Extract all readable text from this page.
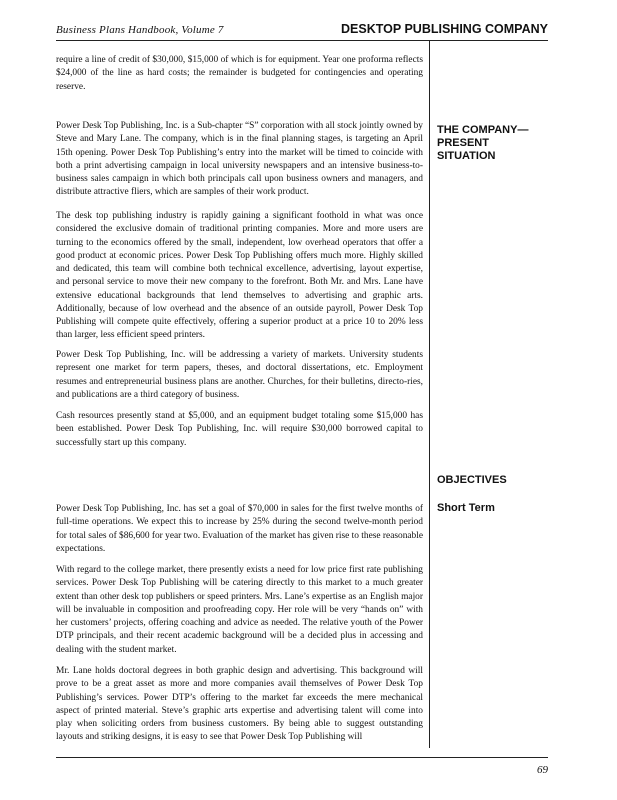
Business Plans Handbook, Volume 7	DESKTOP PUBLISHING COMPANY

require a line of credit of $30,000, $15,000 of which is for equipment. Year one proforma reflects $24,000 of the line as hard costs; the remainder is budgeted for contingencies and operating reserve.

Power Desk Top Publishing, Inc. is a Sub-chapter “S” corporation with all stock jointly owned by Steve and Mary Lane. The company, which is in the final planning stages, is targeting an April 15th opening. Power Desk Top Publishing’s entry into the market will be timed to coincide with both a print advertising campaign in local university newspapers and an intensive business-to-business sales campaign in which both principals call upon business owners and managers, and distribute attractive fliers, which are samples of their work product.

The desk top publishing industry is rapidly gaining a significant foothold in what was once considered the exclusive domain of traditional printing companies. More and more users are turning to the economics offered by the small, independent, low overhead operators that offer a good product at economic prices. Power Desk Top Publishing offers much more. Highly skilled and dedicated, this team will combine both technical excellence, advertising, layout expertise, and personal service to move their new company to the forefront. Both Mr. and Mrs. Lane have extensive educational backgrounds that lend themselves to advertising and graphic arts. Additionally, because of low overhead and the absence of an outside payroll, Power Desk Top Publishing will compete quite effectively, offering a superior product at a price 10 to 20% less than larger, less efficient speed printers.

Power Desk Top Publishing, Inc. will be addressing a variety of markets. University students represent one market for term papers, theses, and doctoral dissertations, etc. Employment resumes and entrepreneurial business plans are another. Churches, for their bulletins, directo-ries, and publications are a third category of business.

Cash resources presently stand at $5,000, and an equipment budget totaling some $15,000 has been established. Power Desk Top Publishing, Inc. will require $30,000 borrowed capital to successfully start up this company.

Power Desk Top Publishing, Inc. has set a goal of $70,000 in sales for the first twelve months of full-time operations. We expect this to increase by 25% during the second twelve-month period for total sales of $86,600 for year two. Evaluation of the market has given rise to these reasonable expectations.

With regard to the college market, there presently exists a need for low price first rate publishing services. Power Desk Top Publishing will be catering directly to this market to a much greater extent than other desk top publishers or speed printers. Mrs. Lane’s expertise as an English major will be invaluable in composition and proofreading copy. Her role will be very “hands on” with her customers’ projects, offering coaching and advice as needed. The relative youth of the Power DTP principals, and their recent academic background will be a decided plus in accessing and dealing with the student market.

Mr. Lane holds doctoral degrees in both graphic design and advertising. This background will prove to be a great asset as more and more companies avail themselves of Power Desk Top Publishing’s services. Power DTP’s offering to the market far exceeds the mere mechanical aspect of printed material. Steve’s graphic arts expertise and advertising talent will come into play when soliciting orders from business customers. By being able to suggest outstanding layouts and striking designs, it is easy to see that Power Desk Top Publishing will

THE COMPANY—
PRESENT
SITUATION
OBJECTIVES
Short Term
69
